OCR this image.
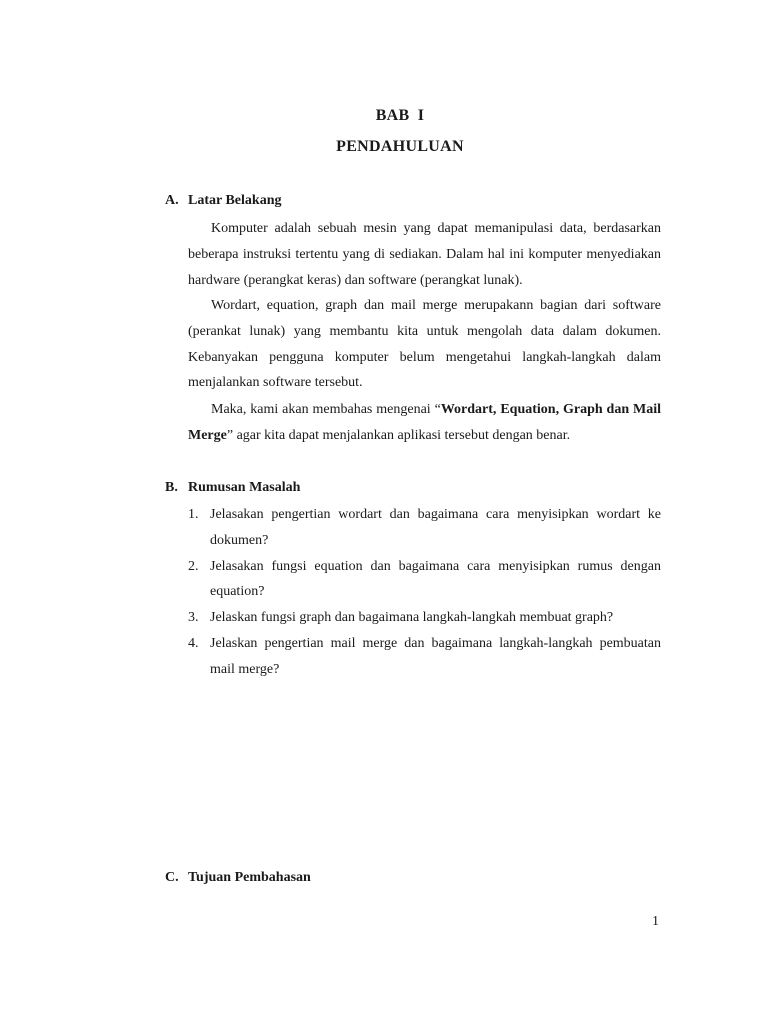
BAB I
PENDAHULUAN
A. Latar Belakang
Komputer adalah sebuah mesin yang dapat memanipulasi data, berdasarkan beberapa instruksi tertentu yang di sediakan. Dalam hal ini komputer menyediakan hardware (perangkat keras) dan software (perangkat lunak).
Wordart, equation, graph dan mail merge merupakann bagian dari software (perankat lunak) yang membantu kita untuk mengolah data dalam dokumen. Kebanyakan pengguna komputer belum mengetahui langkah-langkah dalam menjalankan software tersebut.
Maka, kami akan membahas mengenai “Wordart, Equation, Graph dan Mail Merge” agar kita dapat menjalankan aplikasi tersebut dengan benar.
B. Rumusan Masalah
1. Jelasakan pengertian wordart dan bagaimana cara menyisipkan wordart ke dokumen?
2. Jelasakan fungsi equation dan bagaimana cara menyisipkan rumus dengan equation?
3. Jelaskan fungsi graph dan bagaimana langkah-langkah membuat graph?
4. Jelaskan pengertian mail merge dan bagaimana langkah-langkah pembuatan mail merge?
C. Tujuan Pembahasan
1
